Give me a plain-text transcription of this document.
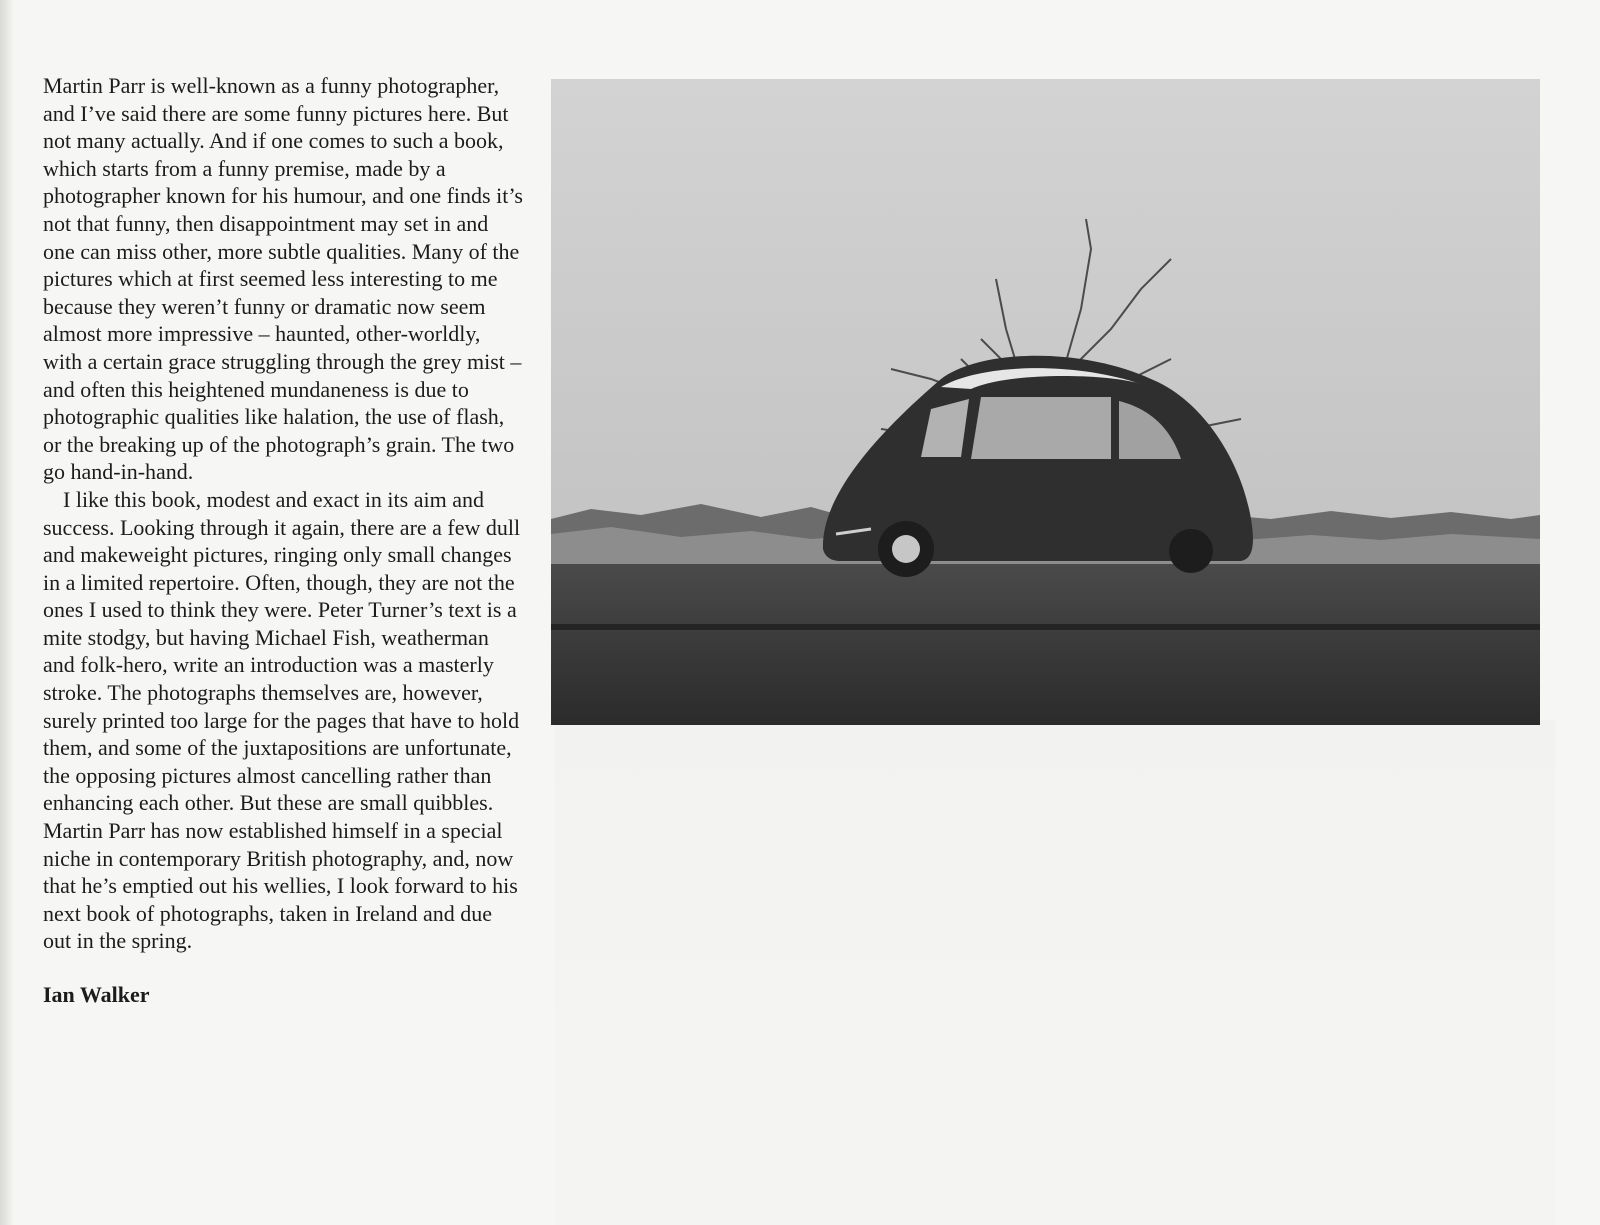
Martin Parr is well-known as a funny photographer, and I’ve said there are some funny pictures here. But not many actually. And if one comes to such a book, which starts from a funny premise, made by a photographer known for his humour, and one finds it’s not that funny, then disappointment may set in and one can miss other, more subtle qualities. Many of the pictures which at first seemed less interesting to me because they weren’t funny or dramatic now seem almost more impressive – haunted, other-worldly, with a certain grace struggling through the grey mist – and often this heightened mundaneness is due to photographic qualities like halation, the use of flash, or the breaking up of the photograph’s grain. The two go hand-in-hand.

I like this book, modest and exact in its aim and success. Looking through it again, there are a few dull and makeweight pictures, ringing only small changes in a limited repertoire. Often, though, they are not the ones I used to think they were. Peter Turner’s text is a mite stodgy, but having Michael Fish, weatherman and folk-hero, write an introduction was a masterly stroke. The photographs themselves are, however, surely printed too large for the pages that have to hold them, and some of the juxtapositions are unfortunate, the opposing pictures almost cancelling rather than enhancing each other. But these are small quibbles. Martin Parr has now established himself in a special niche in contemporary British photography, and, now that he’s emptied out his wellies, I look forward to his next book of photographs, taken in Ireland and due out in the spring.

Ian Walker
